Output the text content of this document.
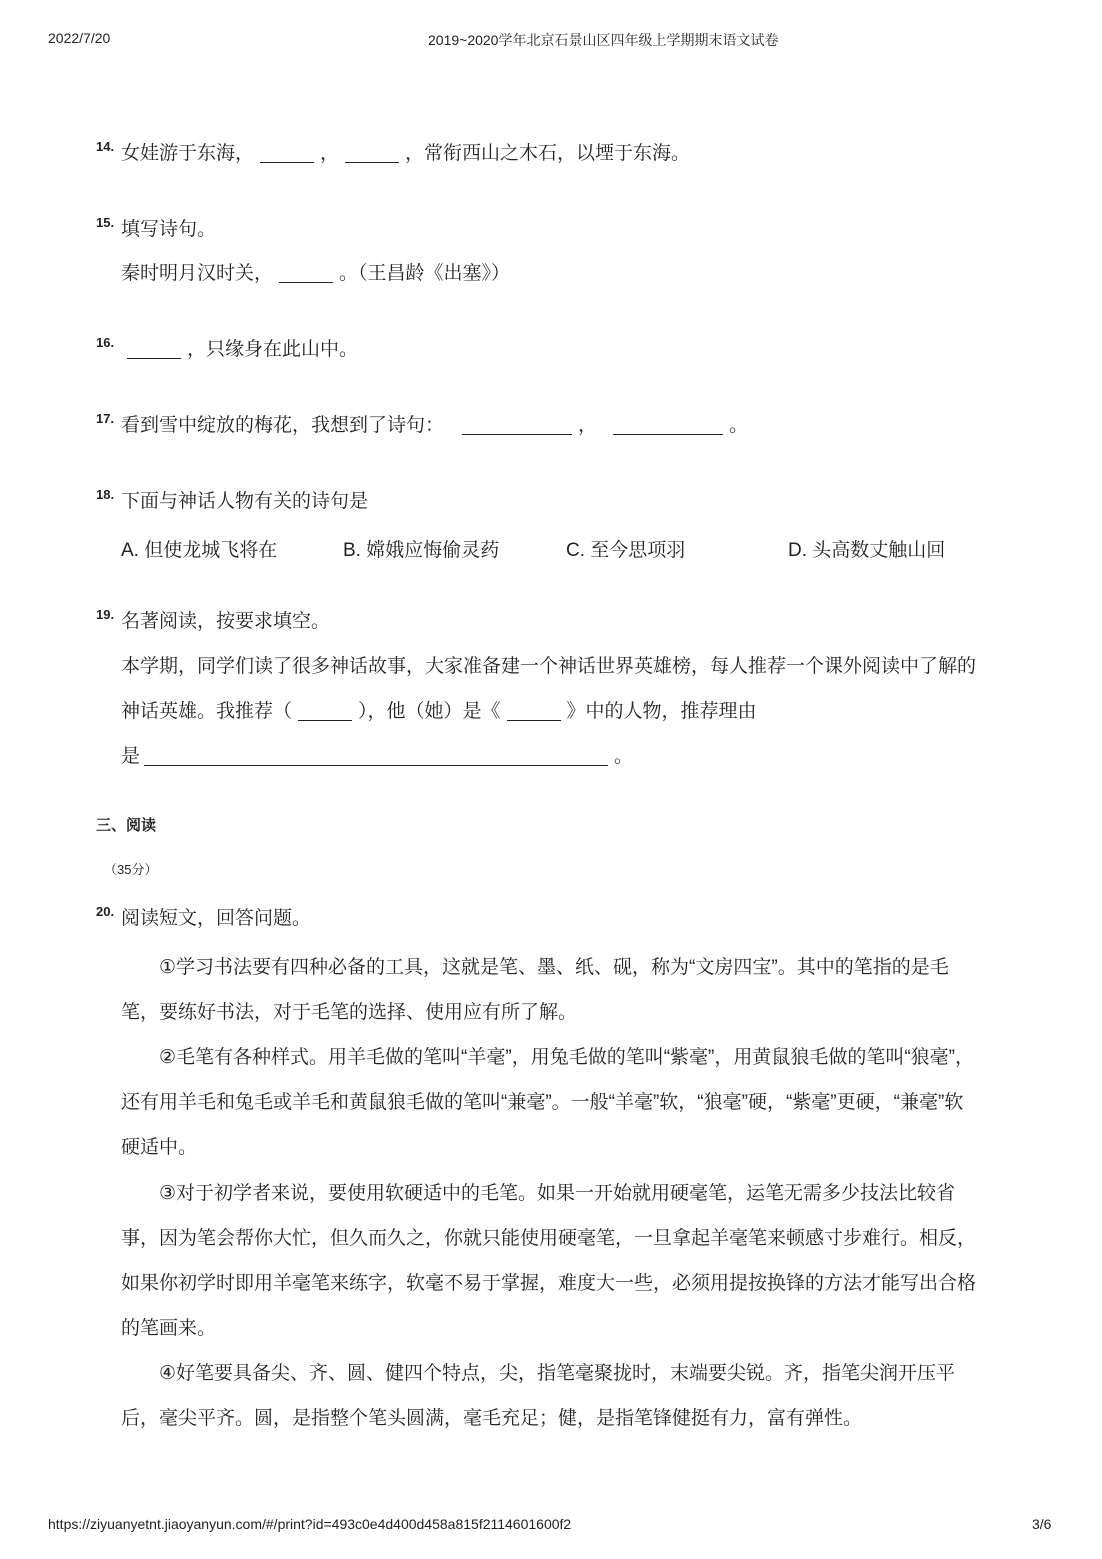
2022/7/20	2019~2020学年北京石景山区四年级上学期期末语文试卷
14. 女娃游于东海，	，	，常衔西山之木石，以堙于东海。
15. 填写诗句。
秦时明月汉时关，	。（王昌龄《出塞》）
16.	，只缘身在此山中。
17. 看到雪中绽放的梅花，我想到了诗句：	，	。
18. 下面与神话人物有关的诗句是
A. 但使龙城飞将在	B. 嫦娥应悔偷灵药	C. 至今思项羽	D. 头高数丈触山回
19. 名著阅读，按要求填空。
本学期，同学们读了很多神话故事，大家准备建一个神话世界英雄榜，每人推荐一个课外阅读中了解的
神话英雄。我推荐（	），他（她）是《	》中的人物，推荐理由
是	。
三、阅读
（35分）
20. 阅读短文，回答问题。
①学习书法要有四种必备的工具，这就是笔、墨、纸、砚，称为“文房四宝”。其中的笔指的是毛
笔，要练好书法，对于毛笔的选择、使用应有所了解。
②毛笔有各种样式。用羊毛做的笔叫“羊毫”，用兔毛做的笔叫“紫毫”，用黄鼠狼毛做的笔叫“狼毫”，
还有用羊毛和兔毛或羊毛和黄鼠狼毛做的笔叫“兼毫”。一般“羊毫”软，“狼毫”硬，“紫毫”更硬，“兼毫”软
硬适中。
③对于初学者来说，要使用软硬适中的毛笔。如果一开始就用硬毫笔，运笔无需多少技法比较省
事，因为笔会帮你大忙，但久而久之，你就只能使用硬毫笔，一旦拿起羊毫笔来顿感寸步难行。相反，
如果你初学时即用羊毫笔来练字，软毫不易于掌握，难度大一些，必须用提按换锋的方法才能写出合格
的笔画来。
④好笔要具备尖、齐、圆、健四个特点，尖，指笔毫聚拢时，末端要尖锐。齐，指笔尖润开压平
后，毫尖平齐。圆，是指整个笔头圆满，毫毛充足；健，是指笔锋健挺有力，富有弹性。
https://ziyuanyetnt.jiaoyanyun.com/#/print?id=493c0e4d400d458a815f2114601600f2	3/6
